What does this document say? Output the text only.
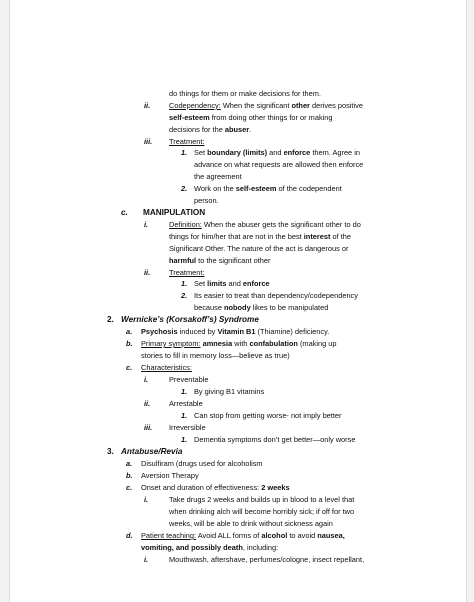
do things for them or make decisions for them.
ii.	Codependency: When the significant other derives positive
self-esteem from doing other things for or making
decisions for the abuser.
iii. Treatment:
1. Set boundary (limits) and enforce them. Agree in
advance on what requests are allowed then enforce
the agreement
2. Work on the self-esteem of the codependent
person.
c. MANIPULATION
i.	Definition: When the abuser gets the significant other to do
things for him/her that are not in the best interest of the
Significant Other. The nature of the act is dangerous or
harmful to the significant other
ii.	Treatment:
1. Set limits and enforce
2. Its easier to treat than dependency/codependency
because nobody likes to be manipulated
2. Wernicke’s (Korsakoff’s) Syndrome
a. Psychosis induced by Vitamin B1 (Thiamine) deficiency.
b. Primary symptom: amnesia with confabulation (making up
stories to fill in memory loss—believe as true)
c. Characteristics:
i.	Preventable
1. By giving B1 vitamins
ii.	Arrestable
1. Can stop from getting worse- not imply better
iii. Irreversible
1. Dementia symptoms don’t get better—only worse
3. Antabuse/Revia
a. Disulfiram (drugs used for alcoholism
b. Aversion Therapy
c. Onset and duration of effectiveness: 2 weeks
i.	Take drugs 2 weeks and builds up in blood to a level that
when drinking alch will become horribly sick; if off for two
weeks, will be able to drink without sickness again
d. Patient teaching: Avoid ALL forms of alcohol to avoid nausea,
vomiting, and possibly death, including:
i.	Mouthwash, aftershave, perfumes/cologne, insect repellant,
